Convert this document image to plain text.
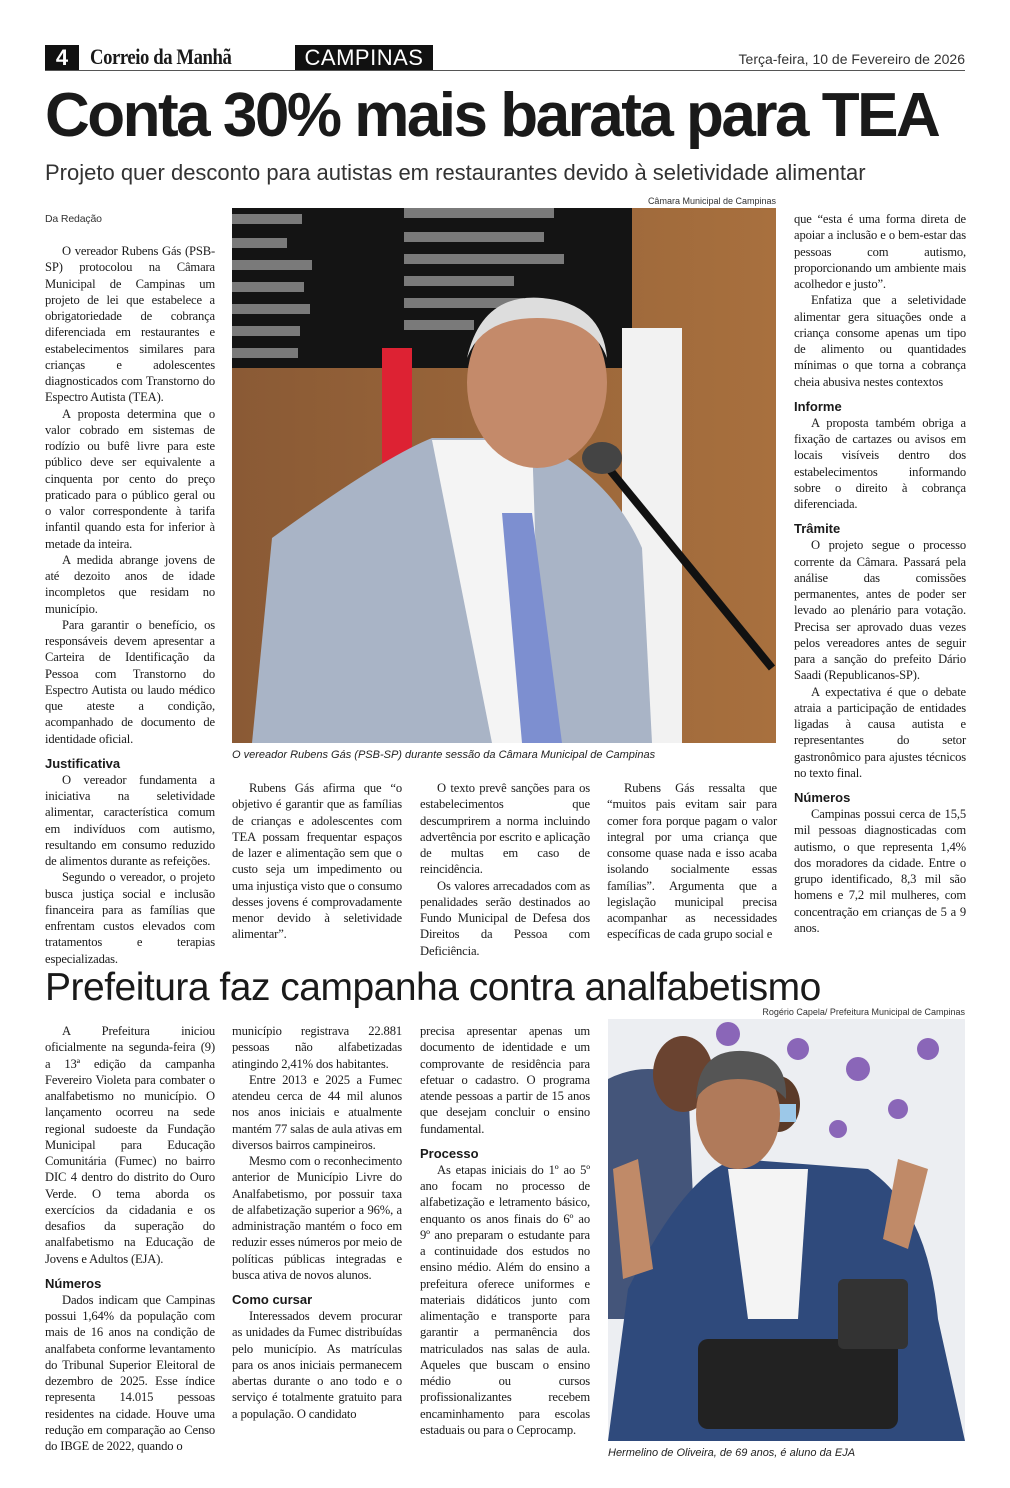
4 Correio da Manhã	CAMPINAS	Terça-feira, 10 de Fevereiro de 2026
Conta 30% mais barata para TEA
Projeto quer desconto para autistas em restaurantes devido à seletividade alimentar
Câmara Municipal de Campinas
O vereador Rubens Gás (PSB-SP) durante sessão da Câmara Municipal de Campinas
Da Redação

O vereador Rubens Gás (PSB-SP) protocolou na Câmara Municipal de Campinas um projeto de lei que estabelece a obrigatoriedade de cobrança diferenciada em restaurantes e estabelecimentos similares para crianças e adolescentes diagnosticados com Transtorno do Espectro Autista (TEA).

A proposta determina que o valor cobrado em sistemas de rodízio ou bufê livre para este público deve ser equivalente a cinquenta por cento do preço praticado para o público geral ou o valor correspondente à tarifa infantil quando esta for inferior à metade da inteira.

A medida abrange jovens de até dezoito anos de idade incompletos que residam no município.

Para garantir o benefício, os responsáveis devem apresentar a Carteira de Identificação da Pessoa com Transtorno do Espectro Autista ou laudo médico que ateste a condição, acompanhado de documento de identidade oficial.

Justificativa

O vereador fundamenta a iniciativa na seletividade alimentar, característica comum em indivíduos com autismo, resultando em consumo reduzido de alimentos durante as refeições.

Segundo o vereador, o projeto busca justiça social e inclusão financeira para as famílias que enfrentam custos elevados com tratamentos e terapias especializadas.

Rubens Gás afirma que “o objetivo é garantir que as famílias de crianças e adolescentes com TEA possam frequentar espaços de lazer e alimentação sem que o custo seja um impedimento ou uma injustiça visto que o consumo desses jovens é comprovadamente menor devido à seletividade alimentar”.

O texto prevê sanções para os estabelecimentos que descumprirem a norma incluindo advertência por escrito e aplicação de multas em caso de reincidência.

Os valores arrecadados com as penalidades serão destinados ao Fundo Municipal de Defesa dos Direitos da Pessoa com Deficiência.

Rubens Gás ressalta que “muitos pais evitam sair para comer fora porque pagam o valor integral por uma criança que consome quase nada e isso acaba isolando socialmente essas famílias”. Argumenta que a legislação municipal precisa acompanhar as necessidades específicas de cada grupo social e

que “esta é uma forma direta de apoiar a inclusão e o bem-estar das pessoas com autismo, proporcionando um ambiente mais acolhedor e justo”.

Enfatiza que a seletividade alimentar gera situações onde a criança consome apenas um tipo de alimento ou quantidades mínimas o que torna a cobrança cheia abusiva nestes contextos

Informe

A proposta também obriga a fixação de cartazes ou avisos em locais visíveis dentro dos estabelecimentos informando sobre o direito à cobrança diferenciada.

Trâmite

O projeto segue o processo corrente da Câmara. Passará pela análise das comissões permanentes, antes de poder ser levado ao plenário para votação. Precisa ser aprovado duas vezes pelos vereadores antes de seguir para a sanção do prefeito Dário Saadi (Republicanos-SP).

A expectativa é que o debate atraia a participação de entidades ligadas à causa autista e representantes do setor gastronômico para ajustes técnicos no texto final.

Números

Campinas possui cerca de 15,5 mil pessoas diagnosticadas com autismo, o que representa 1,4% dos moradores da cidade. Entre o grupo identificado, 8,3 mil são homens e 7,2 mil mulheres, com concentração em crianças de 5 a 9 anos.

Prefeitura faz campanha contra analfabetismo

A Prefeitura iniciou oficialmente na segunda-feira (9) a 13ª edição da campanha Fevereiro Violeta para combater o analfabetismo no município. O lançamento ocorreu na sede regional sudoeste da Fundação Municipal para Educação Comunitária (Fumec) no bairro DIC 4 dentro do distrito do Ouro Verde. O tema aborda os exercícios da cidadania e os desafios da superação do analfabetismo na Educação de Jovens e Adultos (EJA).

Números

Dados indicam que Campinas possui 1,64% da população com mais de 16 anos na condição de analfabeta conforme levantamento do Tribunal Superior Eleitoral de dezembro de 2025. Esse índice representa 14.015 pessoas residentes na cidade. Houve uma redução em comparação ao Censo do IBGE de 2022, quando o

município registrava 22.881 pessoas não alfabetizadas atingindo 2,41% dos habitantes.

Entre 2013 e 2025 a Fumec atendeu cerca de 44 mil alunos nos anos iniciais e atualmente mantém 77 salas de aula ativas em diversos bairros campineiros.

Mesmo com o reconhecimento anterior de Município Livre do Analfabetismo, por possuir taxa de alfabetização superior a 96%, a administração mantém o foco em reduzir esses números por meio de políticas públicas integradas e busca ativa de novos alunos.

Como cursar

Interessados devem procurar as unidades da Fumec distribuídas pelo município. As matrículas para os anos iniciais permanecem abertas durante o ano todo e o serviço é totalmente gratuito para a população. O candidato

precisa apresentar apenas um documento de identidade e um comprovante de residência para efetuar o cadastro. O programa atende pessoas a partir de 15 anos que desejam concluir o ensino fundamental.

Processo

As etapas iniciais do 1º ao 5º ano focam no processo de alfabetização e letramento básico, enquanto os anos finais do 6º ao 9º ano preparam o estudante para a continuidade dos estudos no ensino médio. Além do ensino a prefeitura oferece uniformes e materiais didáticos junto com alimentação e transporte para garantir a permanência dos matriculados nas salas de aula. Aqueles que buscam o ensino médio ou cursos profissionalizantes recebem encaminhamento para escolas estaduais ou para o Ceprocamp.

Rogério Capela/ Prefeitura Municipal de Campinas
Hermelino de Oliveira, de 69 anos, é aluno da EJA
